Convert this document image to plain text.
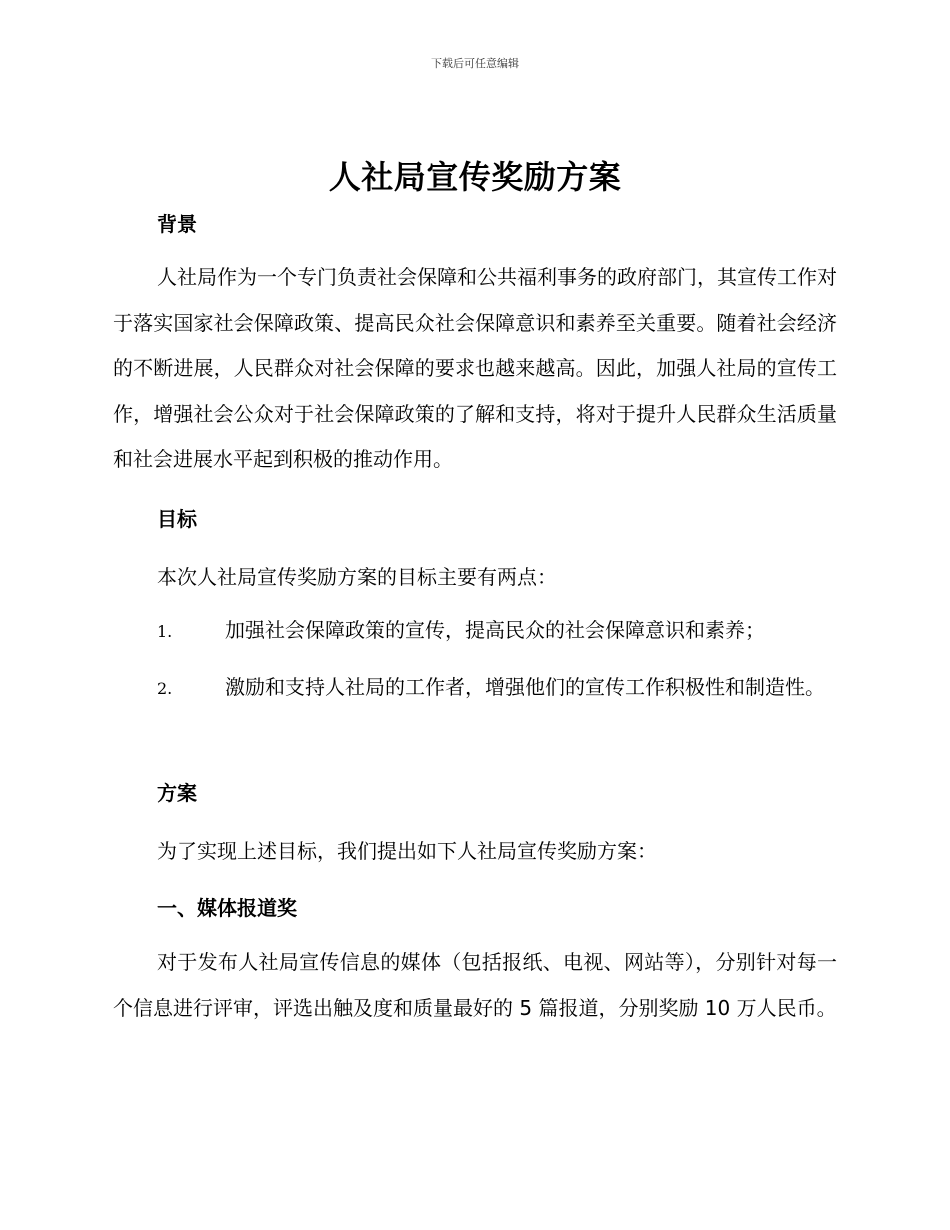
下载后可任意编辑
人社局宣传奖励方案
背景

人社局作为一个专门负责社会保障和公共福利事务的政府部门，其宣传工作对于落实国家社会保障政策、提高民众社会保障意识和素养至关重要。随着社会经济的不断进展，人民群众对社会保障的要求也越来越高。因此，加强人社局的宣传工作，增强社会公众对于社会保障政策的了解和支持，将对于提升人民群众生活质量和社会进展水平起到积极的推动作用。

目标

本次人社局宣传奖励方案的目标主要有两点：

1.	加强社会保障政策的宣传，提高民众的社会保障意识和素养；

2.	激励和支持人社局的工作者，增强他们的宣传工作积极性和制造性。

方案

为了实现上述目标，我们提出如下人社局宣传奖励方案：

一、媒体报道奖

对于发布人社局宣传信息的媒体（包括报纸、电视、网站等），分别针对每一个信息进行评审，评选出触及度和质量最好的 5 篇报道，分别奖励 10 万人民币。
